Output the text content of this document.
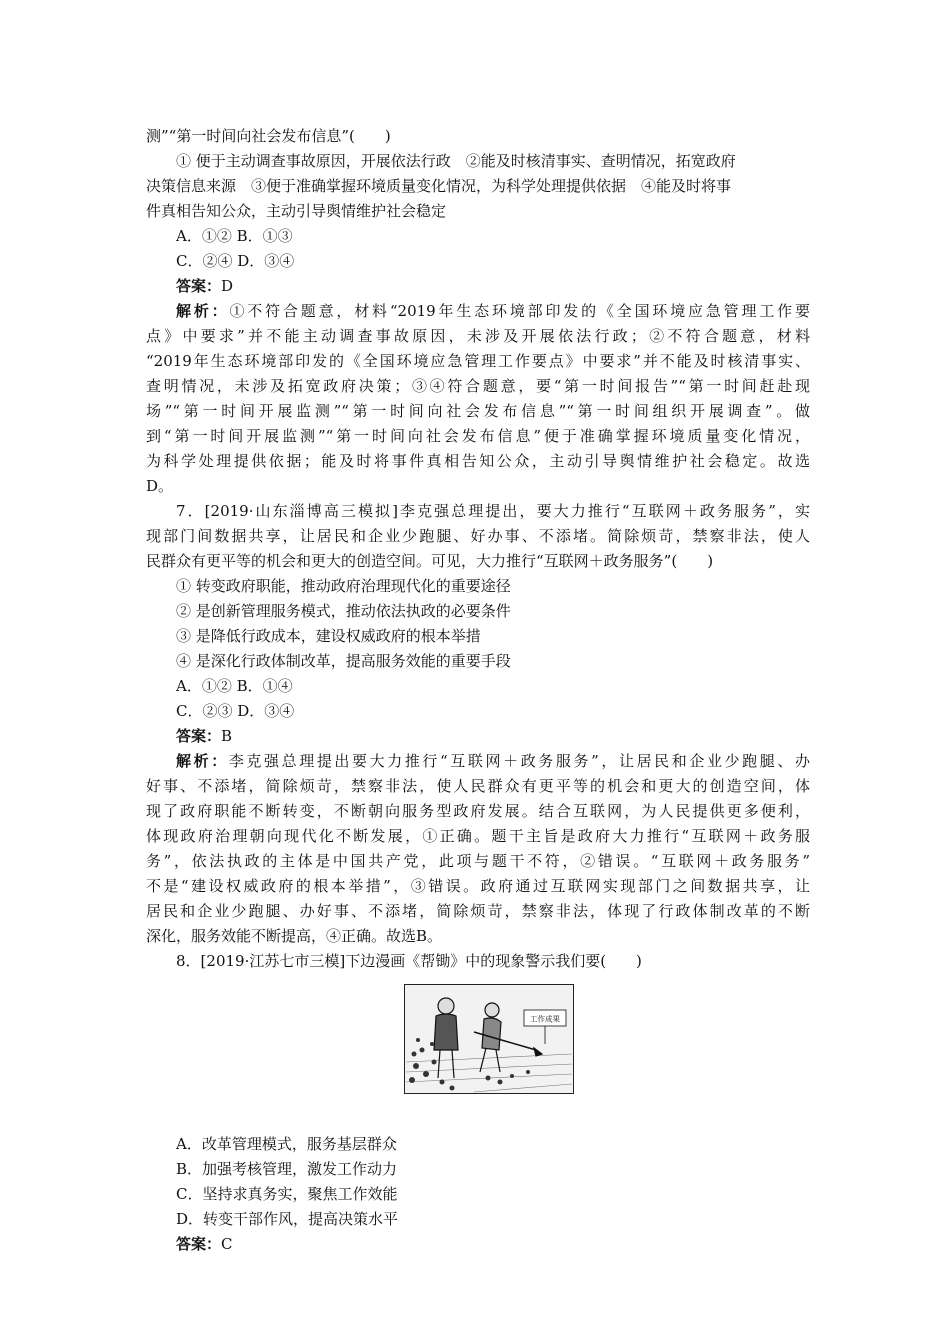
测”“第一时间向社会发布信息”(　　)
① 便于主动调查事故原因，开展依法行政　②能及时核清事实、查明情况，拓宽政府
决策信息来源　③便于准确掌握环境质量变化情况，为科学处理提供依据　④能及时将事
件真相告知公众，主动引导舆情维护社会稳定
A．①② B．①③
C．②④ D．③④
答案：D
解析：①不符合题意，材料“2019年生态环境部印发的《全国环境应急管理工作要
点》中要求”并不能主动调查事故原因，未涉及开展依法行政；②不符合题意，材料
“2019年生态环境部印发的《全国环境应急管理工作要点》中要求”并不能及时核清事实、
查明情况，未涉及拓宽政府决策；③④符合题意，要“第一时间报告”“第一时间赶赴现
场”“第一时间开展监测”“第一时间向社会发布信息”“第一时间组织开展调查”。做
到“第一时间开展监测”“第一时间向社会发布信息”便于准确掌握环境质量变化情况，
为科学处理提供依据；能及时将事件真相告知公众，主动引导舆情维护社会稳定。故选
D。
7．[2019·山东淄博高三模拟]李克强总理提出，要大力推行“互联网＋政务服务”，实
现部门间数据共享，让居民和企业少跑腿、好办事、不添堵。简除烦苛，禁察非法，使人
民群众有更平等的机会和更大的创造空间。可见，大力推行“互联网＋政务服务”(　　)
① 转变政府职能，推动政府治理现代化的重要途径
② 是创新管理服务模式，推动依法执政的必要条件
③ 是降低行政成本，建设权威政府的根本举措
④ 是深化行政体制改革，提高服务效能的重要手段
A．①② B．①④
C．②③ D．③④
答案：B
解析：李克强总理提出要大力推行“互联网＋政务服务”，让居民和企业少跑腿、办
好事、不添堵，简除烦苛，禁察非法，使人民群众有更平等的机会和更大的创造空间，体
现了政府职能不断转变，不断朝向服务型政府发展。结合互联网，为人民提供更多便利，
体现政府治理朝向现代化不断发展，①正确。题干主旨是政府大力推行“互联网＋政务服
务”，依法执政的主体是中国共产党，此项与题干不符，②错误。“互联网＋政务服务”
不是“建设权威政府的根本举措”，③错误。政府通过互联网实现部门之间数据共享，让
居民和企业少跑腿、办好事、不添堵，简除烦苛，禁察非法，体现了行政体制改革的不断
深化，服务效能不断提高，④正确。故选B。
8．[2019·江苏七市三模]下边漫画《帮锄》中的现象警示我们要(　　)
工作成果
A．改革管理模式，服务基层群众
B．加强考核管理，激发工作动力
C．坚持求真务实，聚焦工作效能
D．转变干部作风，提高决策水平
答案：C
